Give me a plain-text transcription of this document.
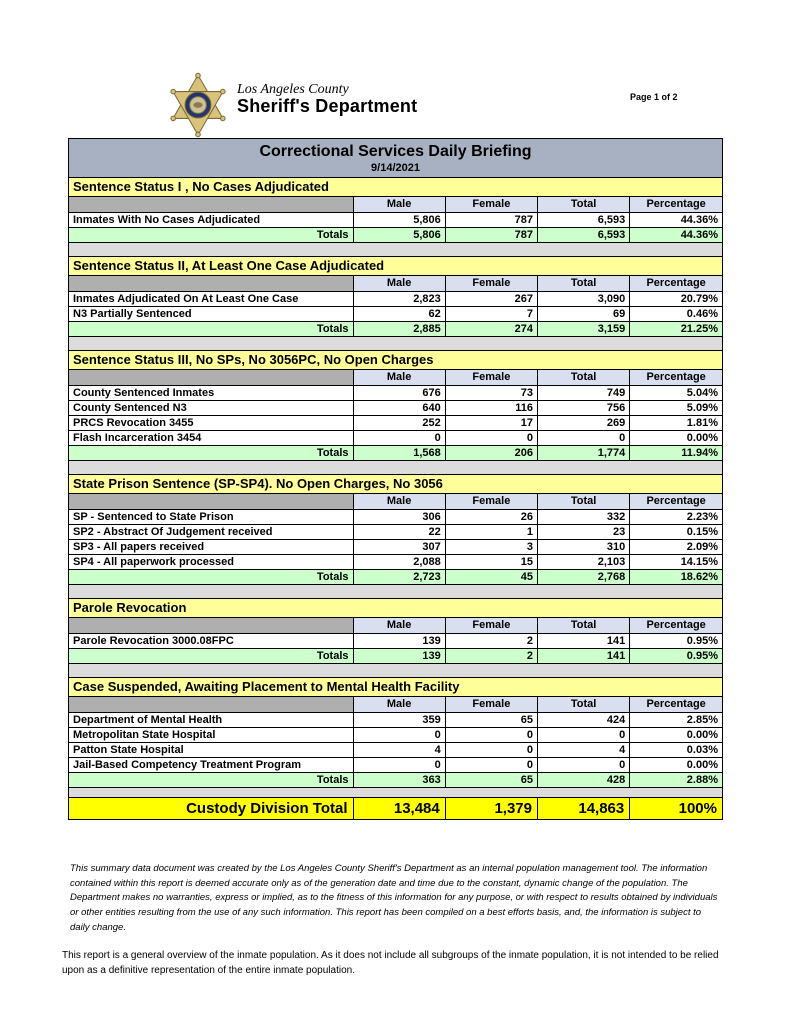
Los Angeles County
Sheriff's Department	Page 1 of 2
Correctional Services Daily Briefing
9/14/2021
Sentence Status I , No Cases Adjudicated
	Male	Female	Total	Percentage
Inmates With No Cases Adjudicated	5,806	787	6,593	44.36%
Totals	5,806	787	6,593	44.36%
Sentence Status II, At Least One Case Adjudicated
	Male	Female	Total	Percentage
Inmates Adjudicated On At Least One Case	2,823	267	3,090	20.79%
N3 Partially Sentenced	62	7	69	0.46%
Totals	2,885	274	3,159	21.25%
Sentence Status III, No SPs, No 3056PC, No Open Charges
	Male	Female	Total	Percentage
County Sentenced Inmates	676	73	749	5.04%
County Sentenced N3	640	116	756	5.09%
PRCS Revocation 3455	252	17	269	1.81%
Flash Incarceration 3454	0	0	0	0.00%
Totals	1,568	206	1,774	11.94%
State Prison Sentence (SP-SP4). No Open Charges, No 3056
	Male	Female	Total	Percentage
SP - Sentenced to State Prison	306	26	332	2.23%
SP2 - Abstract Of Judgement received	22	1	23	0.15%
SP3 - All papers received	307	3	310	2.09%
SP4 - All paperwork processed	2,088	15	2,103	14.15%
Totals	2,723	45	2,768	18.62%
Parole Revocation
	Male	Female	Total	Percentage
Parole Revocation 3000.08FPC	139	2	141	0.95%
Totals	139	2	141	0.95%
Case Suspended, Awaiting Placement to Mental Health Facility
	Male	Female	Total	Percentage
Department of Mental Health	359	65	424	2.85%
Metropolitan State Hospital	0	0	0	0.00%
Patton State Hospital	4	0	4	0.03%
Jail-Based Competency Treatment Program	0	0	0	0.00%
Totals	363	65	428	2.88%
Custody Division Total	13,484	1,379	14,863	100%

This summary data document was created by the Los Angeles County Sheriff's Department as an internal population management tool. The information contained within this report is deemed accurate only as of the generation date and time due to the constant, dynamic change of the population. The Department makes no warranties, express or implied, as to the fitness of this information for any purpose, or with respect to results obtained by individuals or other entities resulting from the use of any such information. This report has been compiled on a best efforts basis, and, the information is subject to daily change.

This report is a general overview of the inmate population. As it does not include all subgroups of the inmate population, it is not intended to be relied upon as a definitive representation of the entire inmate population.
